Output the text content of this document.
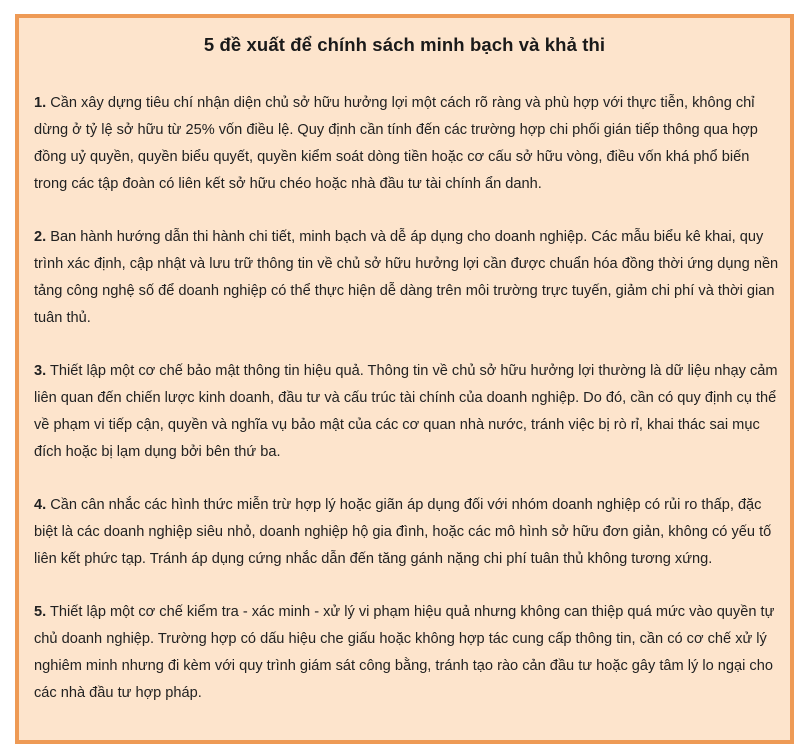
5 đề xuất để chính sách minh bạch và khả thi

1. Cần xây dựng tiêu chí nhận diện chủ sở hữu hưởng lợi một cách rõ ràng và phù hợp với thực tiễn, không chỉ dừng ở tỷ lệ sở hữu từ 25% vốn điều lệ. Quy định cần tính đến các trường hợp chi phối gián tiếp thông qua hợp đồng uỷ quyền, quyền biểu quyết, quyền kiểm soát dòng tiền hoặc cơ cấu sở hữu vòng, điều vốn khá phổ biến trong các tập đoàn có liên kết sở hữu chéo hoặc nhà đầu tư tài chính ẩn danh.

2. Ban hành hướng dẫn thi hành chi tiết, minh bạch và dễ áp dụng cho doanh nghiệp. Các mẫu biểu kê khai, quy trình xác định, cập nhật và lưu trữ thông tin về chủ sở hữu hưởng lợi cần được chuẩn hóa đồng thời ứng dụng nền tảng công nghệ số để doanh nghiệp có thể thực hiện dễ dàng trên môi trường trực tuyến, giảm chi phí và thời gian tuân thủ.

3. Thiết lập một cơ chế bảo mật thông tin hiệu quả. Thông tin về chủ sở hữu hưởng lợi thường là dữ liệu nhạy cảm liên quan đến chiến lược kinh doanh, đầu tư và cấu trúc tài chính của doanh nghiệp. Do đó, cần có quy định cụ thể về phạm vi tiếp cận, quyền và nghĩa vụ bảo mật của các cơ quan nhà nước, tránh việc bị rò rỉ, khai thác sai mục đích hoặc bị lạm dụng bởi bên thứ ba.

4. Cần cân nhắc các hình thức miễn trừ hợp lý hoặc giãn áp dụng đối với nhóm doanh nghiệp có rủi ro thấp, đặc biệt là các doanh nghiệp siêu nhỏ, doanh nghiệp hộ gia đình, hoặc các mô hình sở hữu đơn giản, không có yếu tố liên kết phức tạp. Tránh áp dụng cứng nhắc dẫn đến tăng gánh nặng chi phí tuân thủ không tương xứng.

5. Thiết lập một cơ chế kiểm tra - xác minh - xử lý vi phạm hiệu quả nhưng không can thiệp quá mức vào quyền tự chủ doanh nghiệp. Trường hợp có dấu hiệu che giấu hoặc không hợp tác cung cấp thông tin, cần có cơ chế xử lý nghiêm minh nhưng đi kèm với quy trình giám sát công bằng, tránh tạo rào cản đầu tư hoặc gây tâm lý lo ngại cho các nhà đầu tư hợp pháp.
